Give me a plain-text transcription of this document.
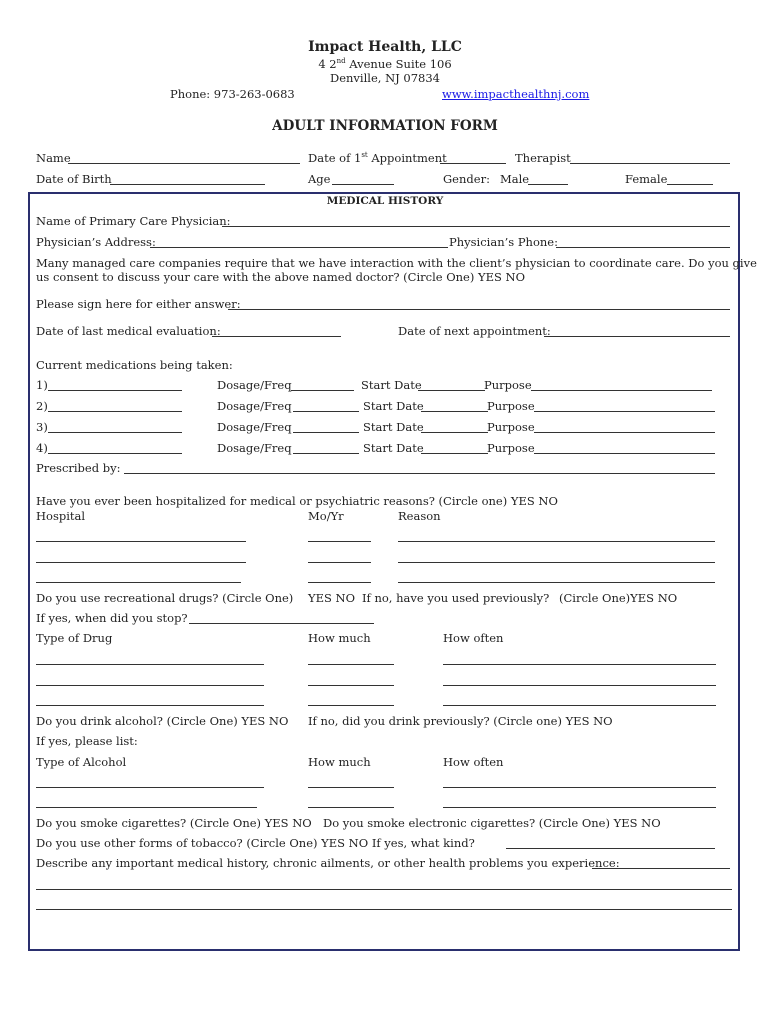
Impact Health, LLC
4 2nd Avenue Suite 106
Denville, NJ 07834
Phone: 973-263-0683	www.impacthealthnj.com
ADULT INFORMATION FORM
Name	Date of 1st Appointment	Therapist
Date of Birth	Age	Gender: Male	Female
MEDICAL HISTORY
Name of Primary Care Physician:
Physician’s Address:	Physician’s Phone:
Many managed care companies require that we have interaction with the client’s physician to coordinate care. Do you give
us consent to discuss your care with the above named doctor? (Circle One) YES NO
Please sign here for either answer:
Date of last medical evaluation:	Date of next appointment:
Current medications being taken:
1)	Dosage/Freq	Start Date	Purpose
2)	Dosage/Freq	Start Date	Purpose
3)	Dosage/Freq	Start Date	Purpose
4)	Dosage/Freq	Start Date	Purpose
Prescribed by:
Have you ever been hospitalized for medical or psychiatric reasons? (Circle one) YES NO
Hospital	Mo/Yr	Reason
Do you use recreational drugs? (Circle One) YES NO If no, have you used previously? (Circle One)YES NO
If yes, when did you stop?
Type of Drug	How much	How often
Do you drink alcohol? (Circle One) YES NO If no, did you drink previously? (Circle one) YES NO
If yes, please list:
Type of Alcohol	How much	How often
Do you smoke cigarettes? (Circle One) YES NO Do you smoke electronic cigarettes? (Circle One) YES NO
Do you use other forms of tobacco? (Circle One) YES NO If yes, what kind?
Describe any important medical history, chronic ailments, or other health problems you experience:
